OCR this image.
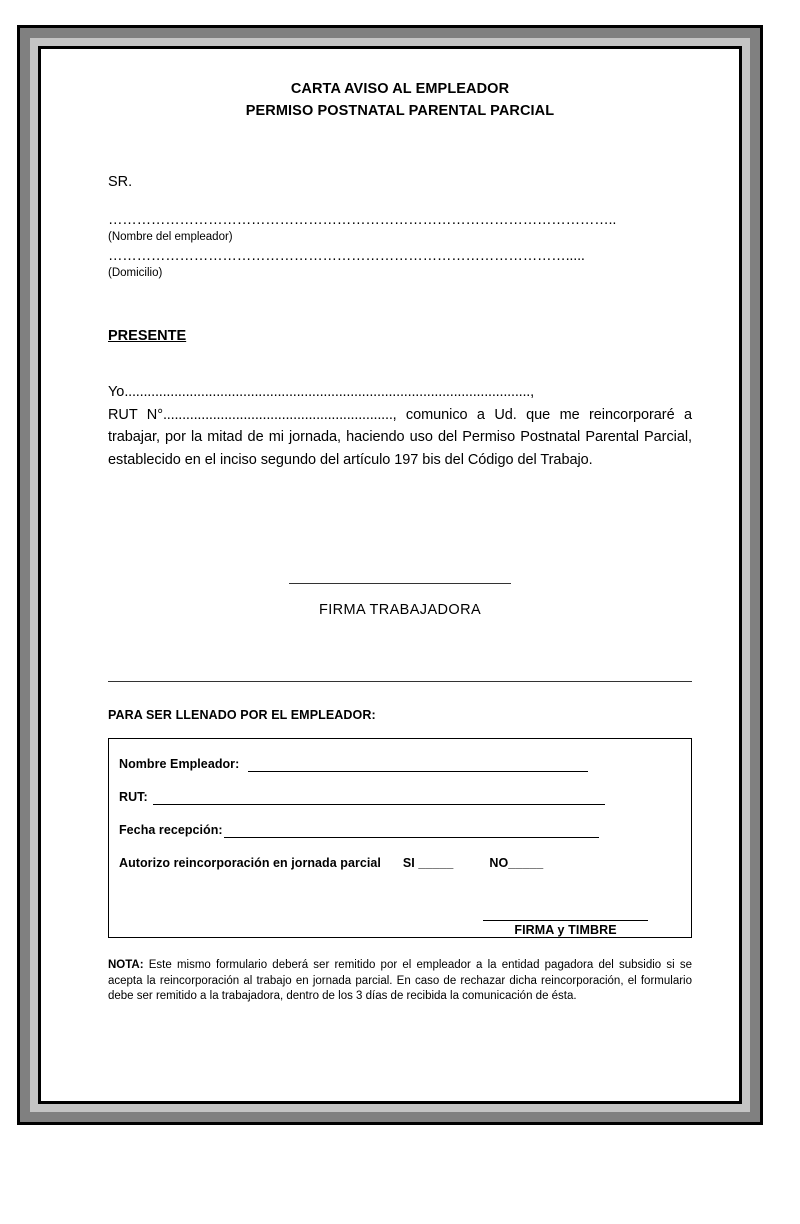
CARTA AVISO AL EMPLEADOR
PERMISO POSTNATAL PARENTAL PARCIAL
SR.
……………………………………………………………………………………………..
(Nombre del empleador)
…………………………………………………………………………………….....
(Domicilio)
PRESENTE
Yo..........................................................................................................,
RUT N°............................................................, comunico a Ud. que me reincorporaré a trabajar, por la mitad de mi jornada, haciendo uso del Permiso Postnatal Parental Parcial, establecido en el inciso segundo del artículo 197 bis del Código del Trabajo.
FIRMA TRABAJADORA
PARA SER LLENADO POR EL EMPLEADOR:
Nombre Empleador:
RUT:
Fecha recepción:
Autorizo reincorporación en jornada parcial SI _____	NO_____
FIRMA y TIMBRE
NOTA: Este mismo formulario deberá ser remitido por el empleador a la entidad pagadora del subsidio si se acepta la reincorporación al trabajo en jornada parcial. En caso de rechazar dicha reincorporación, el formulario debe ser remitido a la trabajadora, dentro de los 3 días de recibida la comunicación de ésta.
